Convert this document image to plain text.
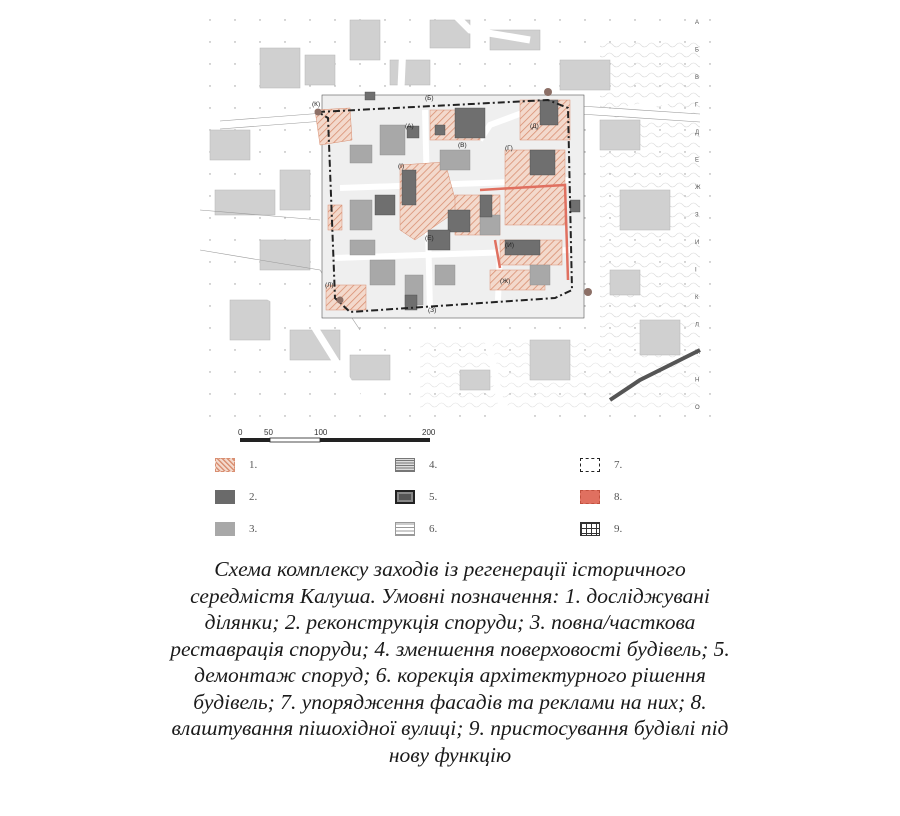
(К)
(Б)
(А)
(В)
(Д)
(Г)
(І)
(Е)
(И)
(Ж)
(Л)
(З)
А
Б
В
Г
Д
Е
Ж
З
И
І
К
Л
М
Н
О
0	50	100	200
1.
2.
3.
4.
5.
6.
7.
8.
9.
Схема комплексу заходів із регенерації історичного
середмістя Калуша. Умовні позначення: 1. досліджувані
ділянки; 2. реконструкція споруди; 3. повна/часткова
реставрація споруди; 4. зменшення поверховості будівель; 5.
демонтаж споруд; 6. корекція архітектурного рішення
будівель; 7. упорядження фасадів та реклами на них; 8.
влаштування пішохідної вулиці; 9. пристосування будівлі під
нову функцію
